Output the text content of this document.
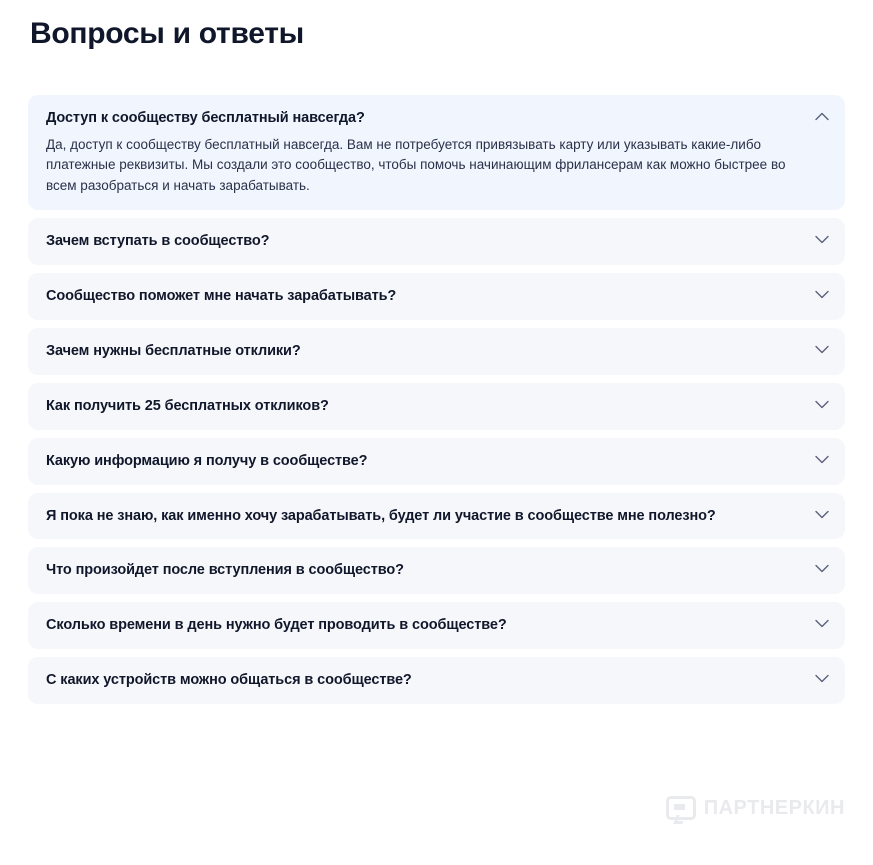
Вопросы и ответы
Доступ к сообществу бесплатный навсегда?
Да, доступ к сообществу бесплатный навсегда. Вам не потребуется привязывать карту или указывать какие-либо платежные реквизиты. Мы создали это сообщество, чтобы помочь начинающим фрилансерам как можно быстрее во всем разобраться и начать зарабатывать.
Зачем вступать в сообщество?
Сообщество поможет мне начать зарабатывать?
Зачем нужны бесплатные отклики?
Как получить 25 бесплатных откликов?
Какую информацию я получу в сообществе?
Я пока не знаю, как именно хочу зарабатывать, будет ли участие в сообществе мне полезно?
Что произойдет после вступления в сообщество?
Сколько времени в день нужно будет проводить в сообществе?
С каких устройств можно общаться в сообществе?
ПАРТНЕРКИН
